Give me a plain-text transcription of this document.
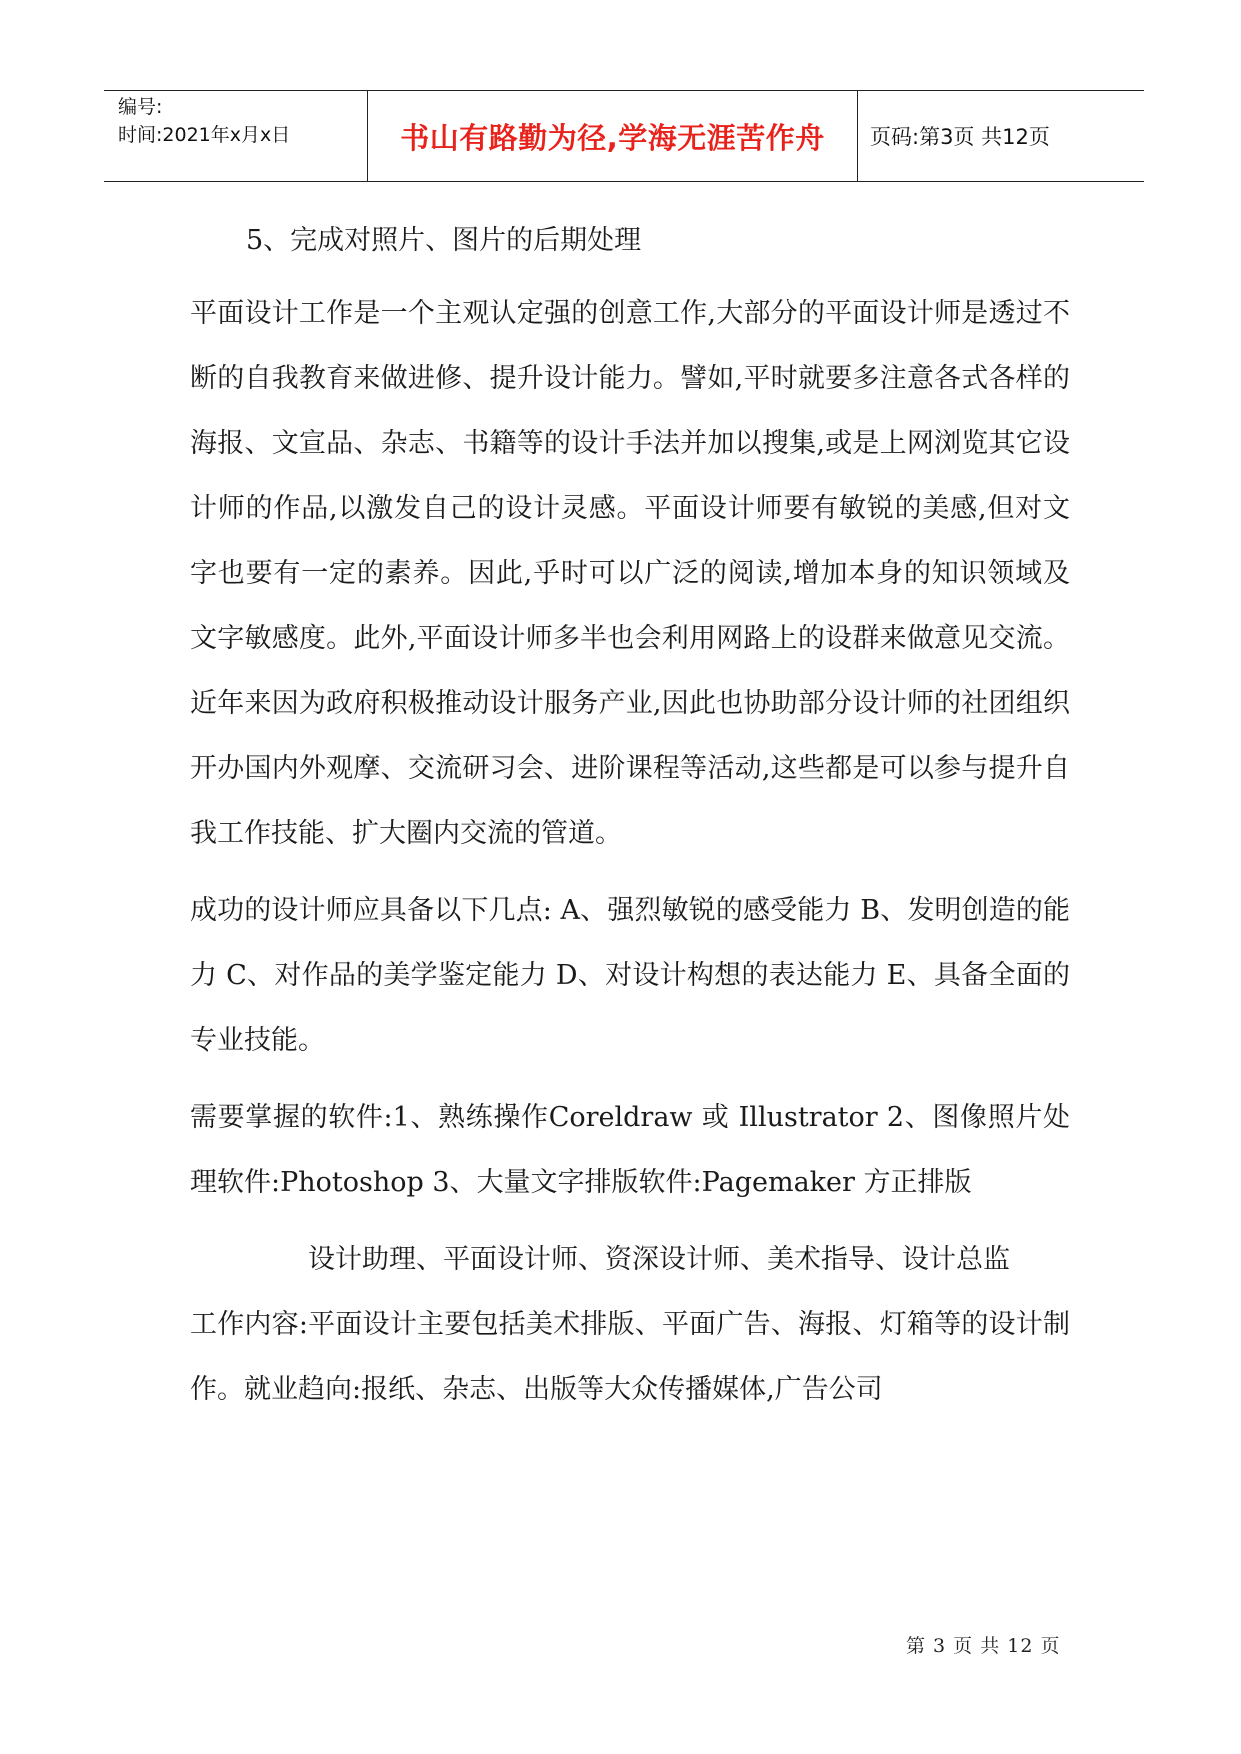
编号:
时间:2021年x月x日	书山有路勤为径,学海无涯苦作舟	页码:第3页 共12页

5、完成对照片、图片的后期处理

平面设计工作是一个主观认定强的创意工作,大部分的平面设计师是透过不断的自我教育来做进修、提升设计能力。譬如,平时就要多注意各式各样的海报、文宣品、杂志、书籍等的设计手法并加以搜集,或是上网浏览其它设计师的作品,以激发自己的设计灵感。平面设计师要有敏锐的美感,但对文字也要有一定的素养。因此,乎时可以广泛的阅读,增加本身的知识领域及文字敏感度。此外,平面设计师多半也会利用网路上的设群来做意见交流。近年来因为政府积极推动设计服务产业,因此也协助部分设计师的社团组织开办国内外观摩、交流研习会、进阶课程等活动,这些都是可以参与提升自我工作技能、扩大圈内交流的管道。

成功的设计师应具备以下几点: A、强烈敏锐的感受能力 B、发明创造的能力 C、对作品的美学鉴定能力 D、对设计构想的表达能力 E、具备全面的专业技能。

需要掌握的软件:1、熟练操作Coreldraw 或 Illustrator 2、图像照片处理软件:Photoshop 3、大量文字排版软件:Pagemaker 方正排版

设计助理、平面设计师、资深设计师、美术指导、设计总监

工作内容:平面设计主要包括美术排版、平面广告、海报、灯箱等的设计制作。就业趋向:报纸、杂志、出版等大众传播媒体,广告公司

第 3 页 共 12 页
